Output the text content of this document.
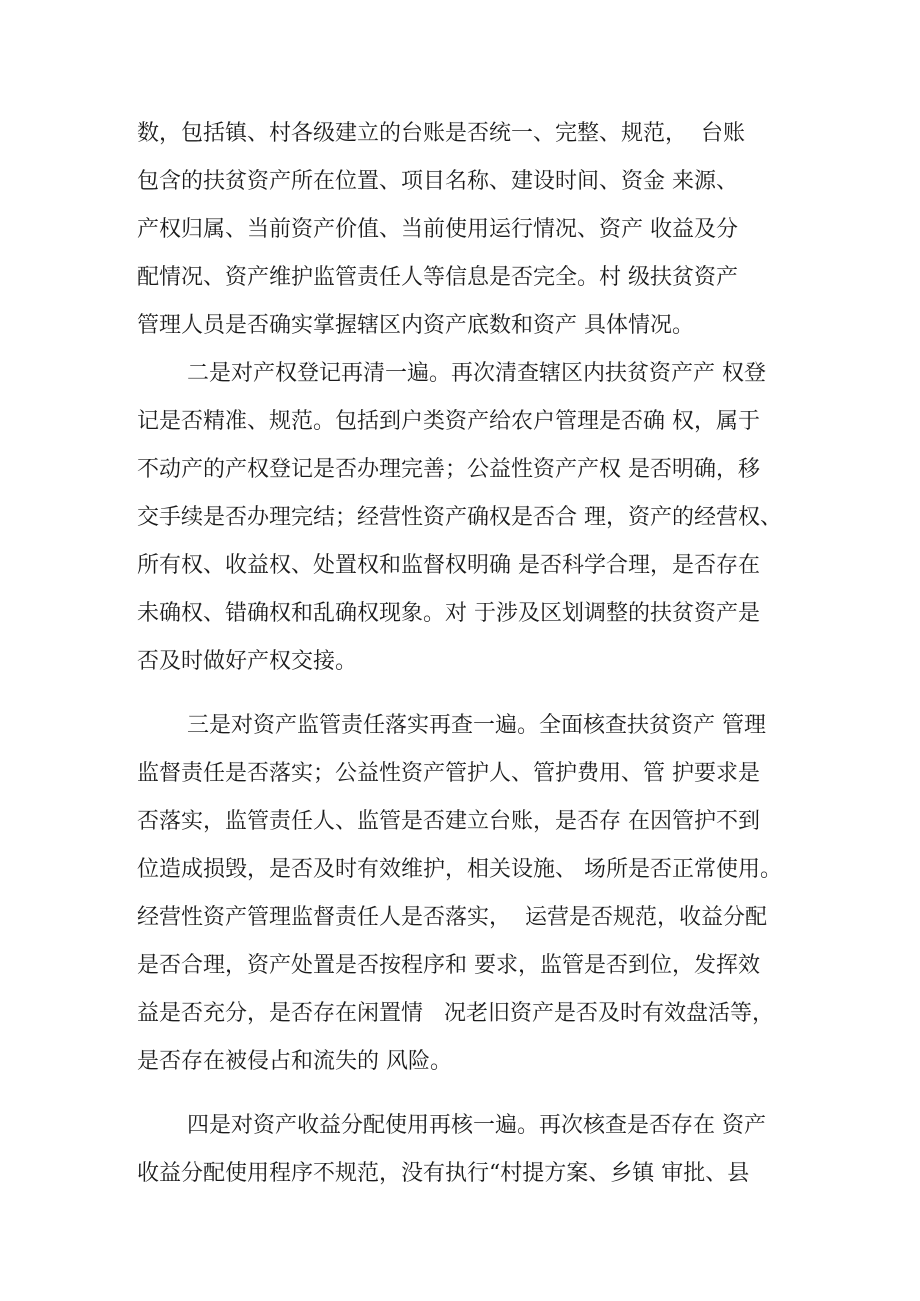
数，包括镇、村各级建立的台账是否统一、完整、规范，  台账
包含的扶贫资产所在位置、项目名称、建设时间、资金 来源、
产权归属、当前资产价值、当前使用运行情况、资产 收益及分
配情况、资产维护监管责任人等信息是否完全。村 级扶贫资产
管理人员是否确实掌握辖区内资产底数和资产 具体情况。
二是对产权登记再清一遍。再次清查辖区内扶贫资产产 权登
记是否精准、规范。包括到户类资产给农户管理是否确 权，属于
不动产的产权登记是否办理完善；公益性资产产权 是否明确，移
交手续是否办理完结；经营性资产确权是否合 理，资产的经营权、
所有权、收益权、处置权和监督权明确 是否科学合理，是否存在
未确权、错确权和乱确权现象。对 于涉及区划调整的扶贫资产是
否及时做好产权交接。
三是对资产监管责任落实再查一遍。全面核查扶贫资产 管理
监督责任是否落实；公益性资产管护人、管护费用、管 护要求是
否落实，监管责任人、监管是否建立台账，是否存 在因管护不到
位造成损毁，是否及时有效维护，相关设施、 场所是否正常使用。
经营性资产管理监督责任人是否落实，  运营是否规范，收益分配
是否合理，资产处置是否按程序和 要求，监管是否到位，发挥效
益是否充分，是否存在闲置情   况老旧资产是否及时有效盘活等，
是否存在被侵占和流失的 风险。
四是对资产收益分配使用再核一遍。再次核查是否存在 资产
收益分配使用程序不规范，没有执行“村提方案、乡镇 审批、县
